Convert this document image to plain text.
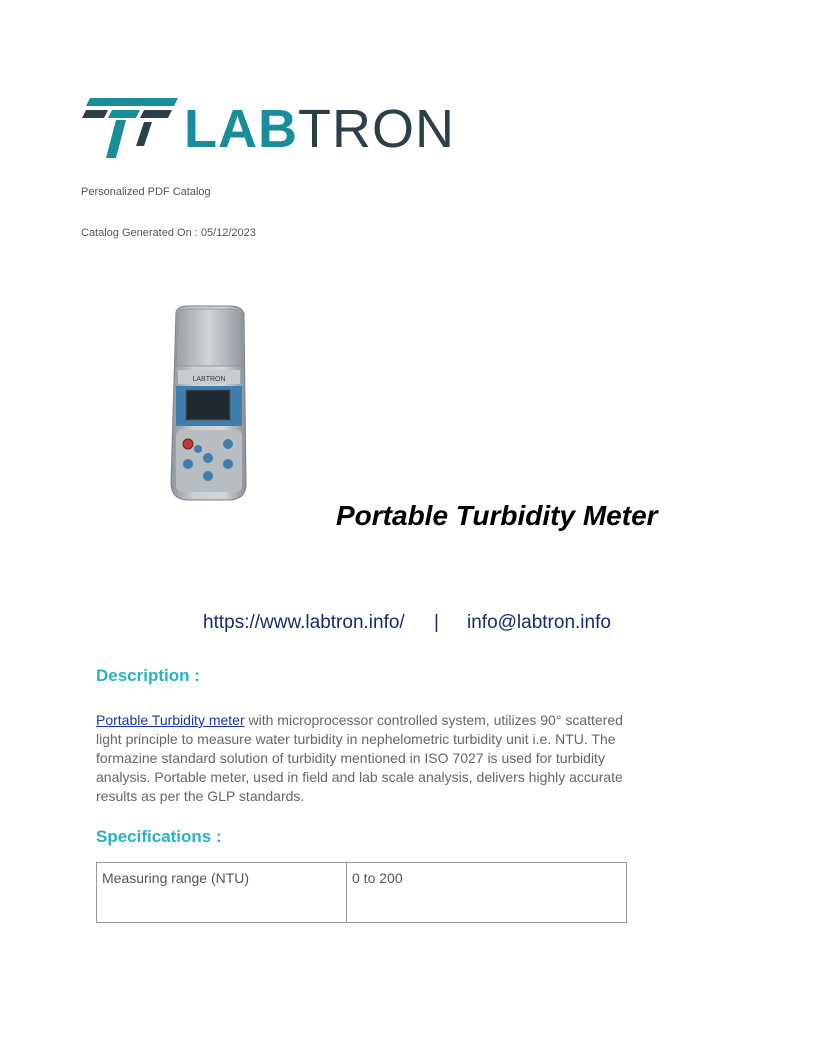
LABTRON
Personalized PDF Catalog
Catalog Generated On : 05/12/2023
LABTRON
Portable Turbidity Meter
https://www.labtron.info/ | info@labtron.info
Description :
Portable Turbidity meter with microprocessor controlled system, utilizes 90° scattered light principle to measure water turbidity in nephelometric turbidity unit i.e. NTU. The formazine standard solution of turbidity mentioned in ISO 7027 is used for turbidity analysis. Portable meter, used in field and lab scale analysis, delivers highly accurate results as per the GLP standards.
Specifications :
Measuring range (NTU)	0 to 200
